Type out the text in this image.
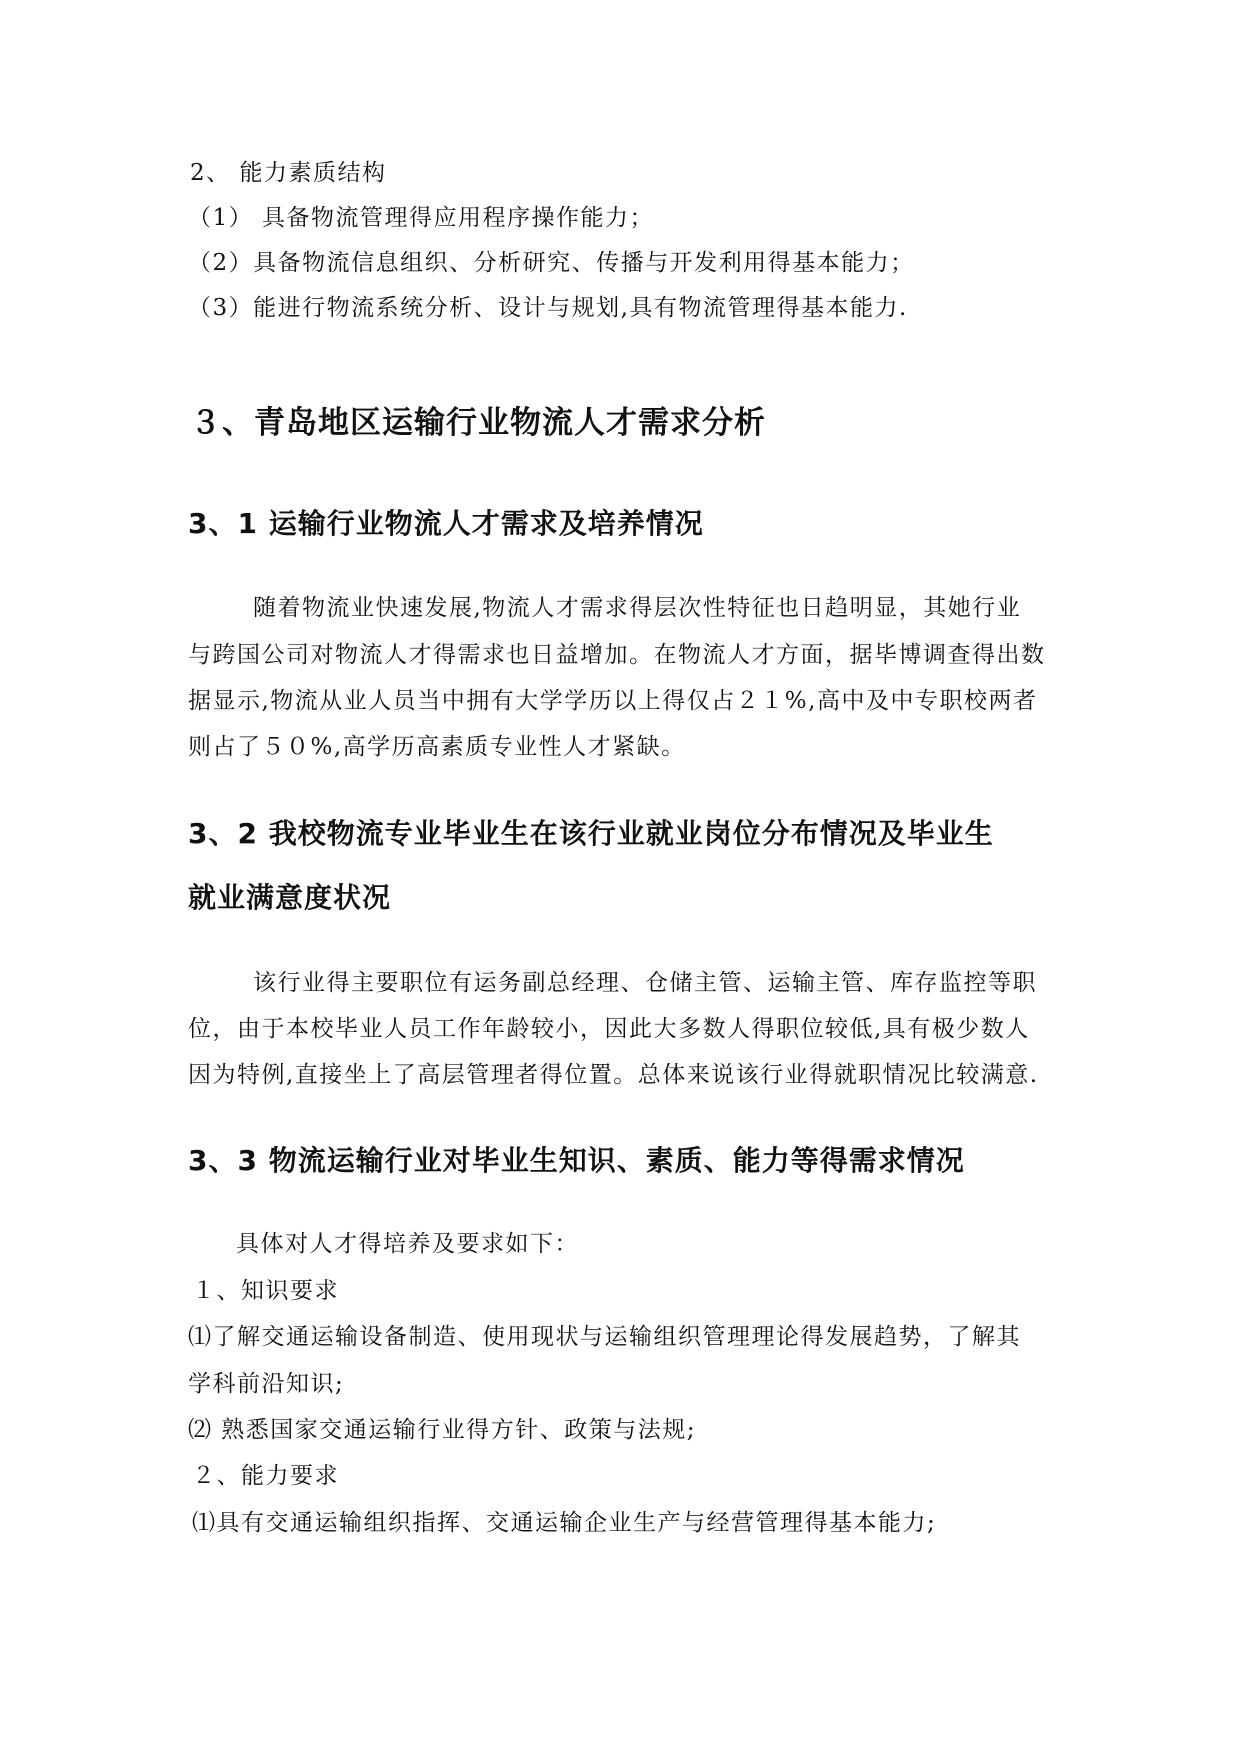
2、 能力素质结构
（1） 具备物流管理得应用程序操作能力；
（2）具备物流信息组织、分析研究、传播与开发利用得基本能力；
（3）能进行物流系统分析、设计与规划,具有物流管理得基本能力.
３、青岛地区运输行业物流人才需求分析
3、1 运输行业物流人才需求及培养情况
随着物流业快速发展,物流人才需求得层次性特征也日趋明显，其她行业
与跨国公司对物流人才得需求也日益增加。在物流人才方面，据毕博调查得出数
据显示,物流从业人员当中拥有大学学历以上得仅占２１%,高中及中专职校两者
则占了５０%,高学历高素质专业性人才紧缺。
3、2 我校物流专业毕业生在该行业就业岗位分布情况及毕业生
就业满意度状况
该行业得主要职位有运务副总经理、仓储主管、运输主管、库存监控等职
位，由于本校毕业人员工作年龄较小，因此大多数人得职位较低,具有极少数人
因为特例,直接坐上了高层管理者得位置。总体来说该行业得就职情况比较满意.
3、3 物流运输行业对毕业生知识、素质、能力等得需求情况
具体对人才得培养及要求如下：
１、知识要求
⑴了解交通运输设备制造、使用现状与运输组织管理理论得发展趋势，了解其
学科前沿知识;
⑵ 熟悉国家交通运输行业得方针、政策与法规;
２、能力要求
⑴具有交通运输组织指挥、交通运输企业生产与经营管理得基本能力;
